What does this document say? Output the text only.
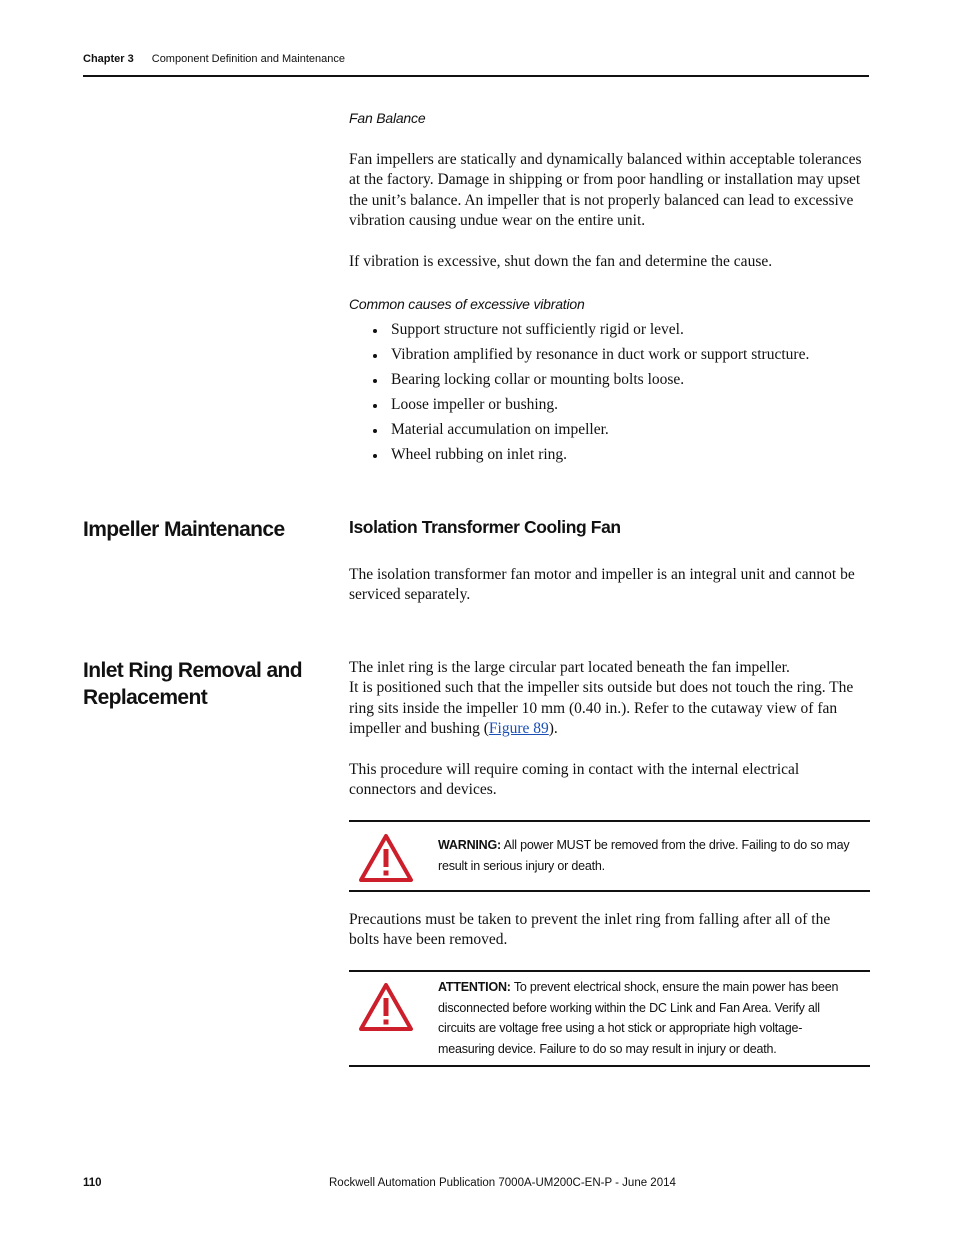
Chapter 3 Component Definition and Maintenance
Fan Balance

Fan impellers are statically and dynamically balanced within acceptable tolerances at the factory. Damage in shipping or from poor handling or installation may upset the unit’s balance. An impeller that is not properly balanced can lead to excessive vibration causing undue wear on the entire unit.

If vibration is excessive, shut down the fan and determine the cause.

Common causes of excessive vibration
Support structure not sufficiently rigid or level.
Vibration amplified by resonance in duct work or support structure.
Bearing locking collar or mounting bolts loose.
Loose impeller or bushing.
Material accumulation on impeller.
Wheel rubbing on inlet ring.
Impeller Maintenance	Isolation Transformer Cooling Fan

The isolation transformer fan motor and impeller is an integral unit and cannot be serviced separately.

Inlet Ring Removal and Replacement

The inlet ring is the large circular part located beneath the fan impeller.

It is positioned such that the impeller sits outside but does not touch the ring. The ring sits inside the impeller 10 mm (0.40 in.). Refer to the cutaway view of fan impeller and bushing (Figure 89).

This procedure will require coming in contact with the internal electrical connectors and devices.

WARNING: All power MUST be removed from the drive. Failing to do so may result in serious injury or death.

Precautions must be taken to prevent the inlet ring from falling after all of the bolts have been removed.

ATTENTION: To prevent electrical shock, ensure the main power has been disconnected before working within the DC Link and Fan Area. Verify all circuits are voltage free using a hot stick or appropriate high voltage-measuring device. Failure to do so may result in injury or death.
110	Rockwell Automation Publication 7000A-UM200C-EN-P - June 2014
